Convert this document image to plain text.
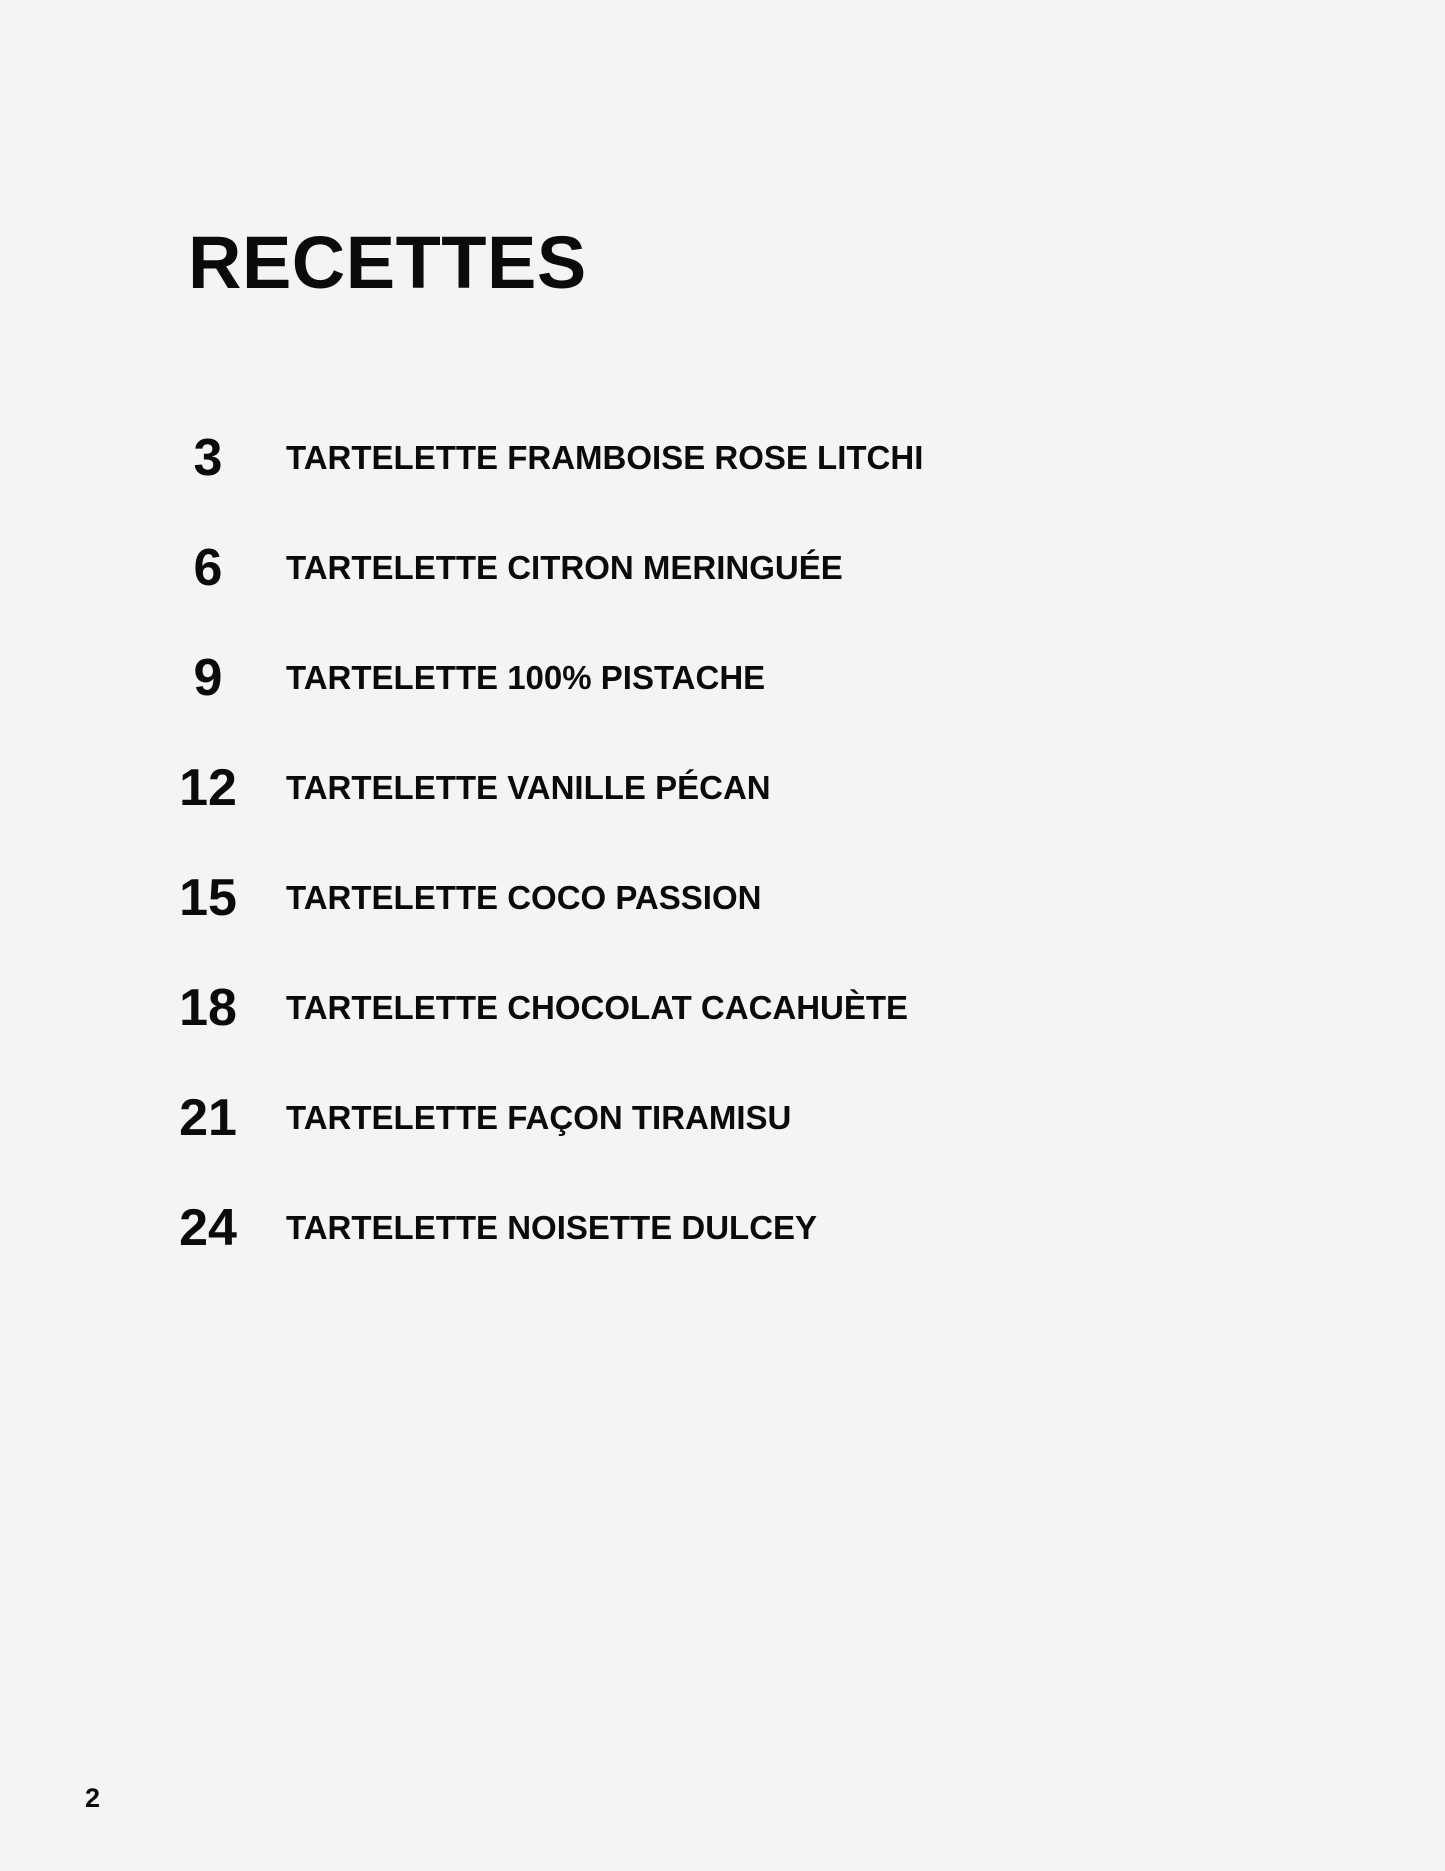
RECETTES
3	TARTELETTE FRAMBOISE ROSE LITCHI
6	TARTELETTE CITRON MERINGUÉE
9	TARTELETTE 100% PISTACHE
12	TARTELETTE VANILLE PÉCAN
15	TARTELETTE COCO PASSION
18	TARTELETTE CHOCOLAT CACAHUÈTE
21	TARTELETTE FAÇON TIRAMISU
24	TARTELETTE NOISETTE DULCEY
2
